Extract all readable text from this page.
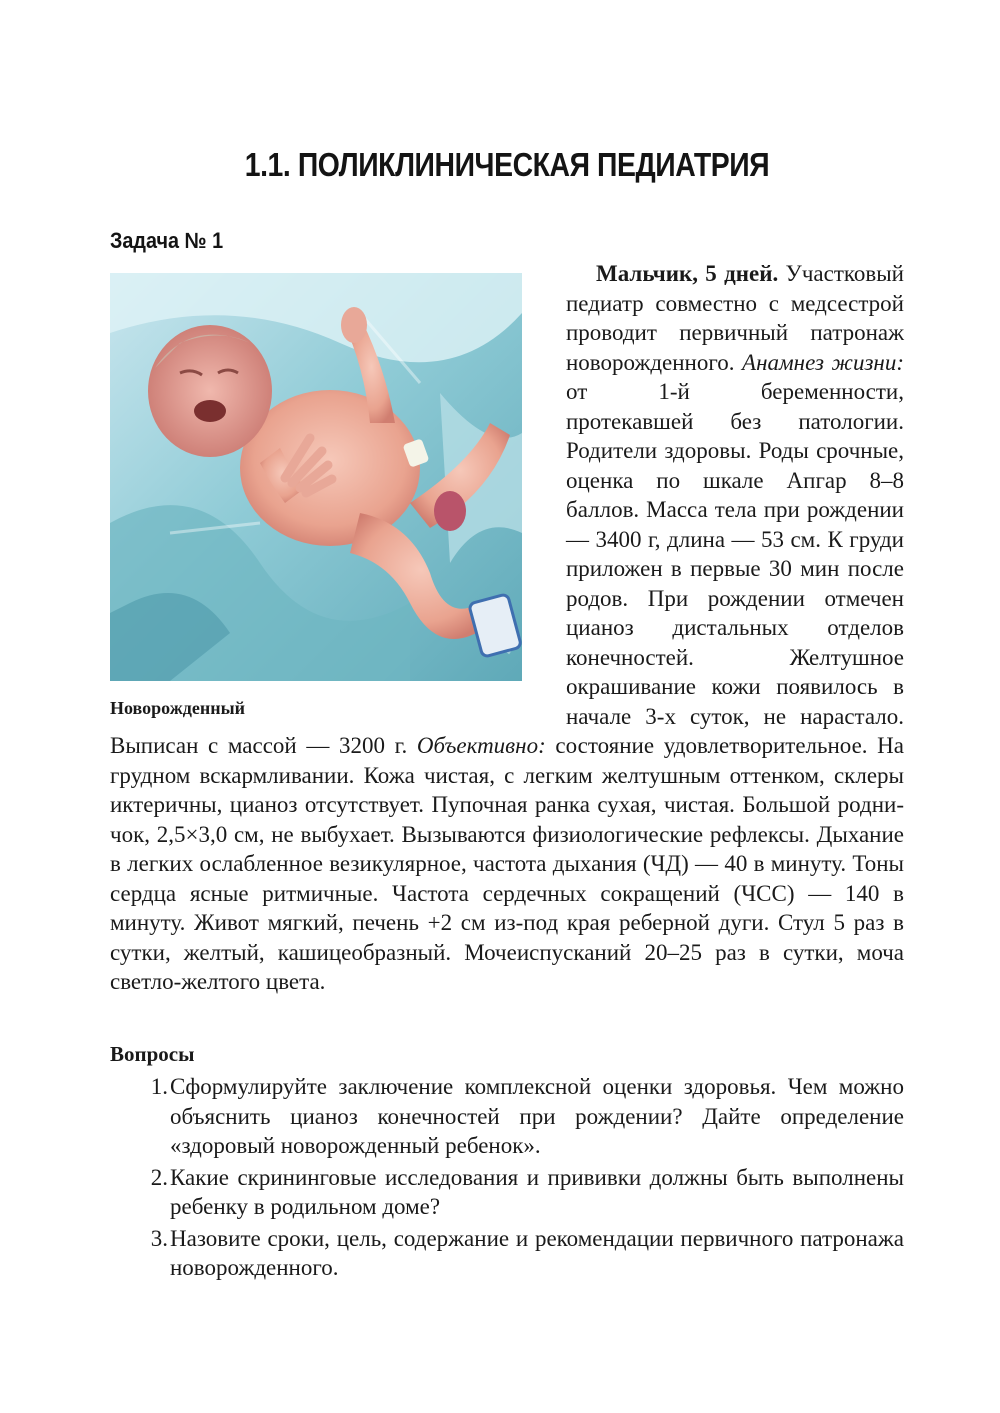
1.1. ПОЛИКЛИНИЧЕСКАЯ ПЕДИАТРИЯ
Задача № 1
Новорожденный

Мальчик, 5 дней. Участковый педиатр совместно с медсестрой проводит первичный патронаж новорожденного. Анамнез жизни: от 1-й беременности, протекавшей без патологии. Родители здоровы. Роды срочные, оценка по шкале Апгар 8–8 баллов. Масса тела при рождении — 3400 г, длина — 53 см. К груди приложен в первые 30 мин после родов. При рождении отмечен цианоз дистальных отделов конечностей. Желтушное окрашивание кожи появилось в начале 3-х суток, не нарастало. Выписан с массой — 3200 г. Объективно: состояние удовлетворительное. На грудном вскармливании. Кожа чистая, с легким желтушным оттенком, склеры иктеричны, цианоз отсутствует. Пупочная ранка сухая, чистая. Большой родничок, 2,5×3,0 см, не выбухает. Вызываются физиологические рефлексы. Дыхание в легких ослабленное везикулярное, частота дыхания (ЧД) — 40 в минуту. Тоны сердца ясные ритмичные. Частота сердечных сокращений (ЧСС) — 140 в минуту. Живот мягкий, печень +2 см из-под края реберной дуги. Стул 5 раз в сутки, желтый, кашицеобразный. Мочеиспусканий 20–25 раз в сутки, моча светло-желтого цвета.

Вопросы
1. Сформулируйте заключение комплексной оценки здоровья. Чем можно объяснить цианоз конечностей при рождении? Дайте определение «здоровый новорожденный ребенок».
2. Какие скрининговые исследования и прививки должны быть выполнены ребенку в родильном доме?
3. Назовите сроки, цель, содержание и рекомендации первичного патронажа новорожденного.
